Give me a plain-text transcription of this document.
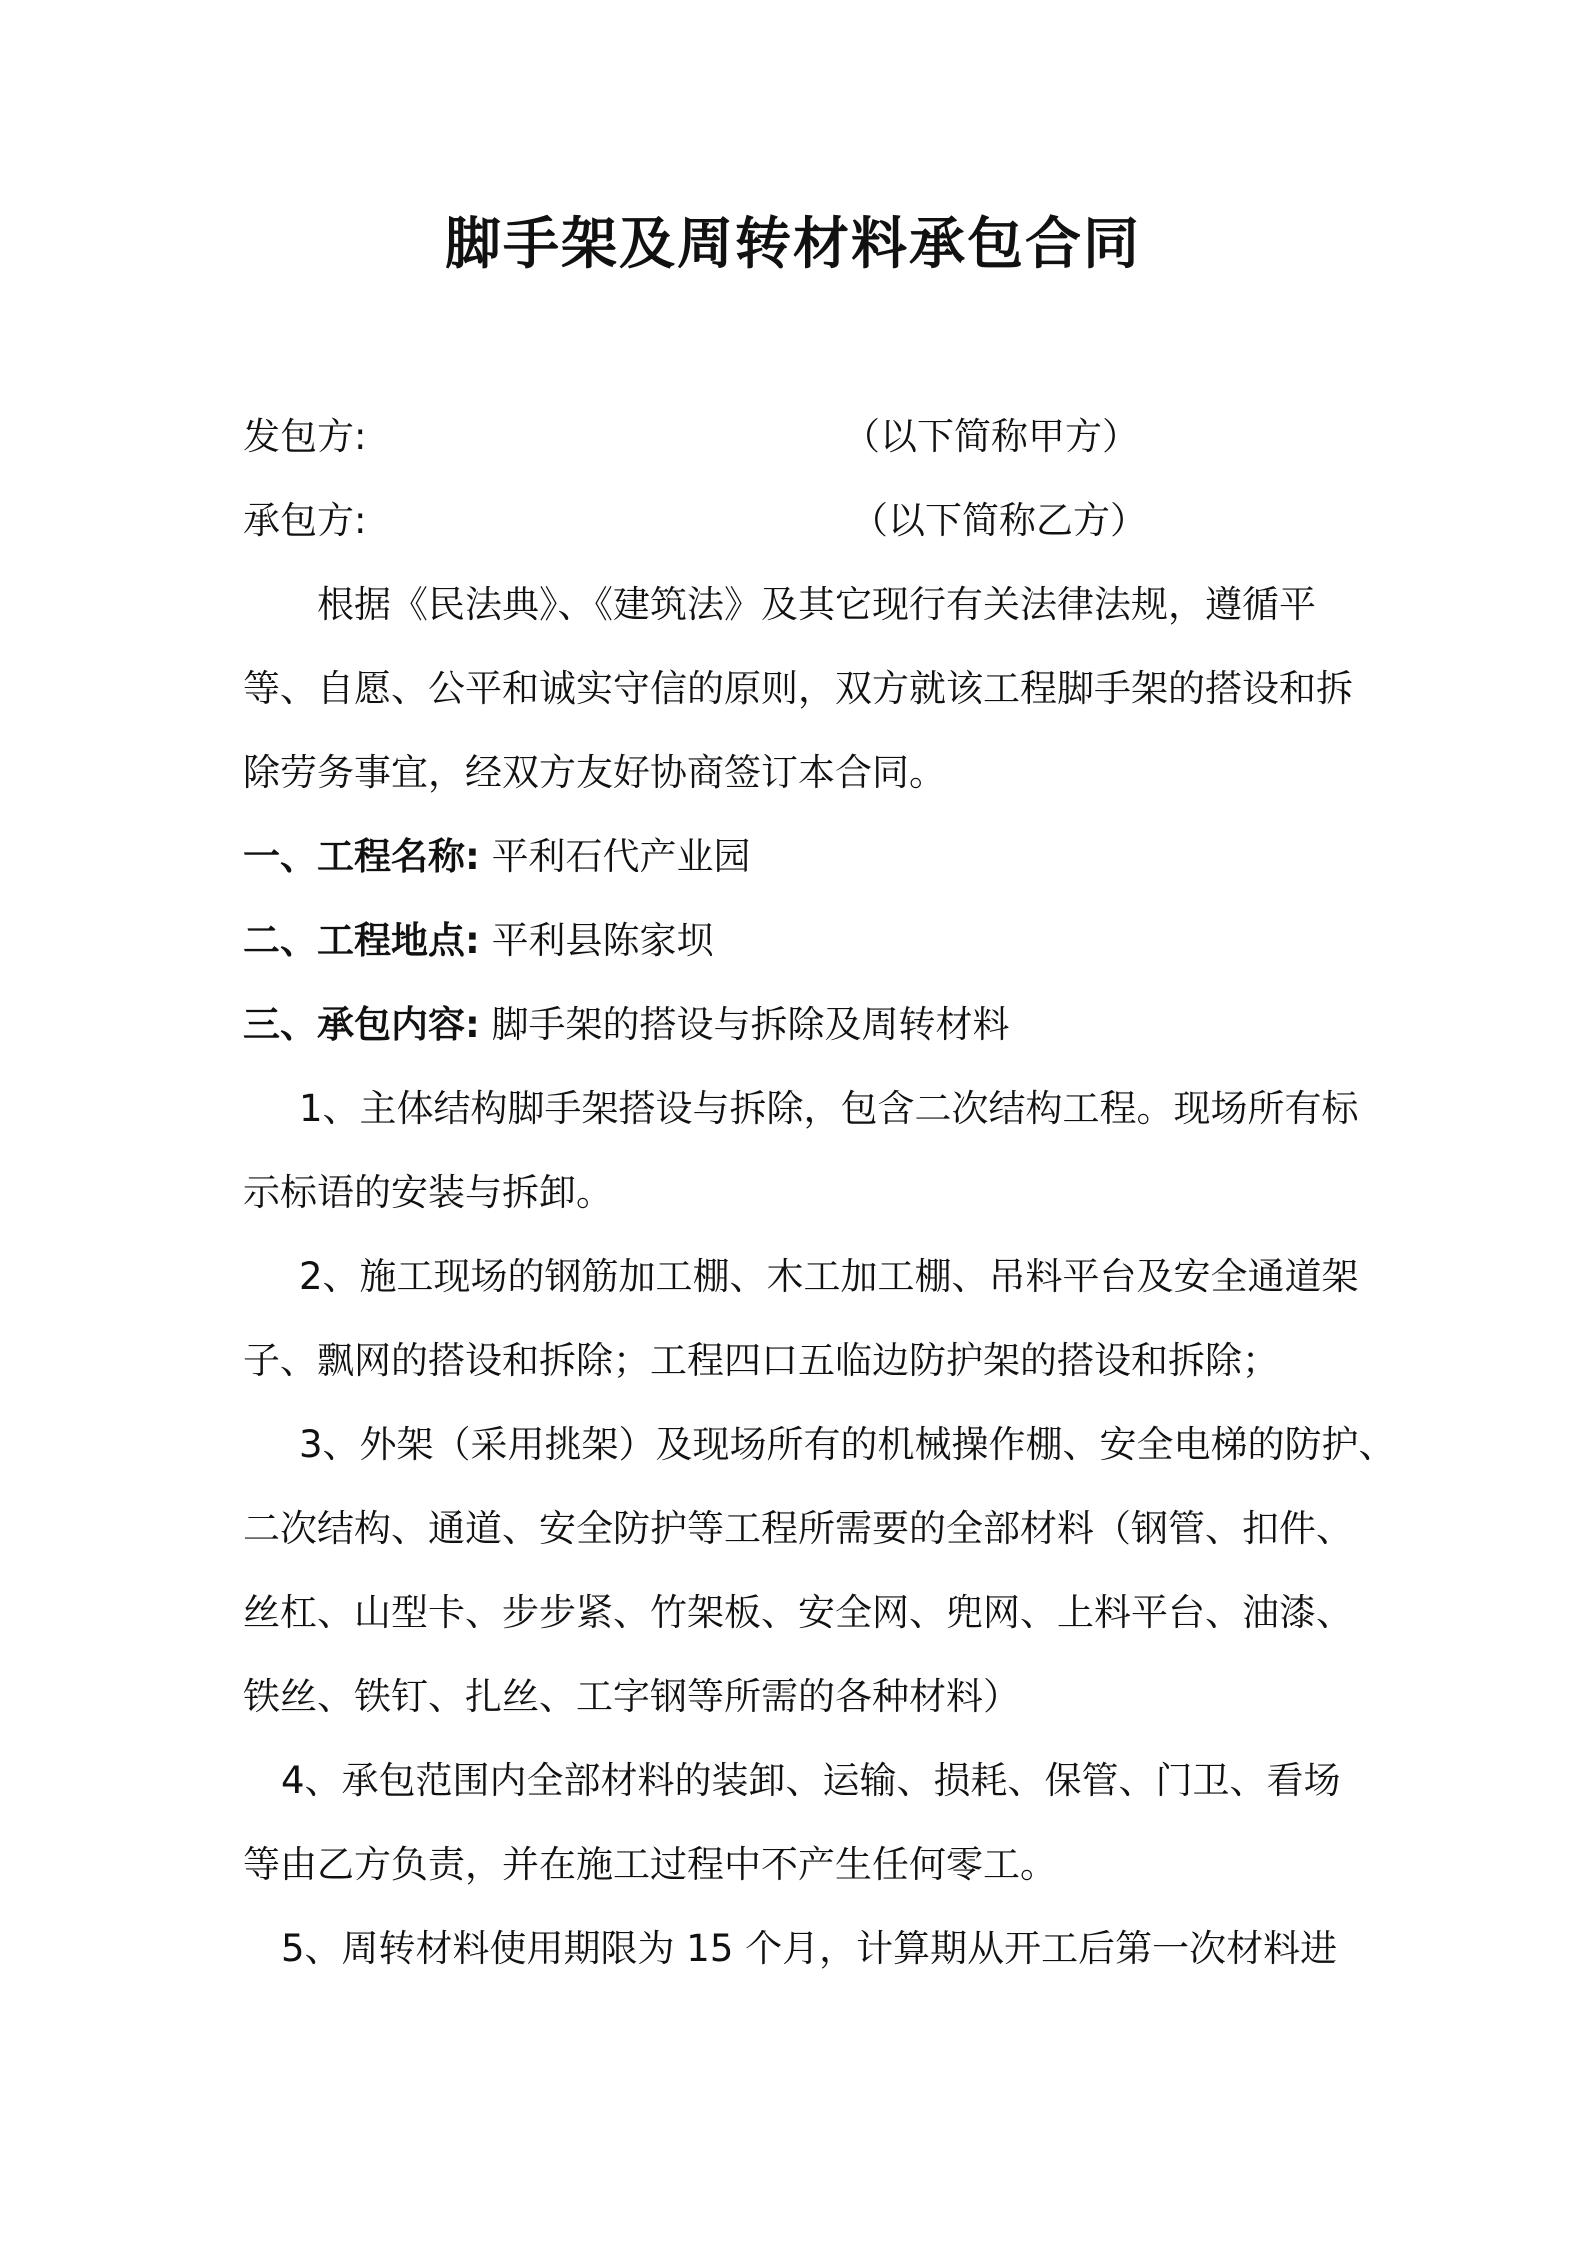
脚手架及周转材料承包合同
发包方:	（以下简称甲方）
承包方:	（以下简称乙方）
根据《民法典》、《建筑法》及其它现行有关法律法规，遵循平
等、自愿、公平和诚实守信的原则，双方就该工程脚手架的搭设和拆
除劳务事宜，经双方友好协商签订本合同。
一、工程名称: 平利石代产业园
二、工程地点: 平利县陈家坝
三、承包内容: 脚手架的搭设与拆除及周转材料
1、主体结构脚手架搭设与拆除，包含二次结构工程。现场所有标
示标语的安装与拆卸。
2、施工现场的钢筋加工棚、木工加工棚、吊料平台及安全通道架
子、飘网的搭设和拆除；工程四口五临边防护架的搭设和拆除；
3、外架（采用挑架）及现场所有的机械操作棚、安全电梯的防护、
二次结构、通道、安全防护等工程所需要的全部材料（钢管、扣件、
丝杠、山型卡、步步紧、竹架板、安全网、兜网、上料平台、油漆、
铁丝、铁钉、扎丝、工字钢等所需的各种材料）
4、承包范围内全部材料的装卸、运输、损耗、保管、门卫、看场
等由乙方负责，并在施工过程中不产生任何零工。
5、周转材料使用期限为 15 个月，计算期从开工后第一次材料进
